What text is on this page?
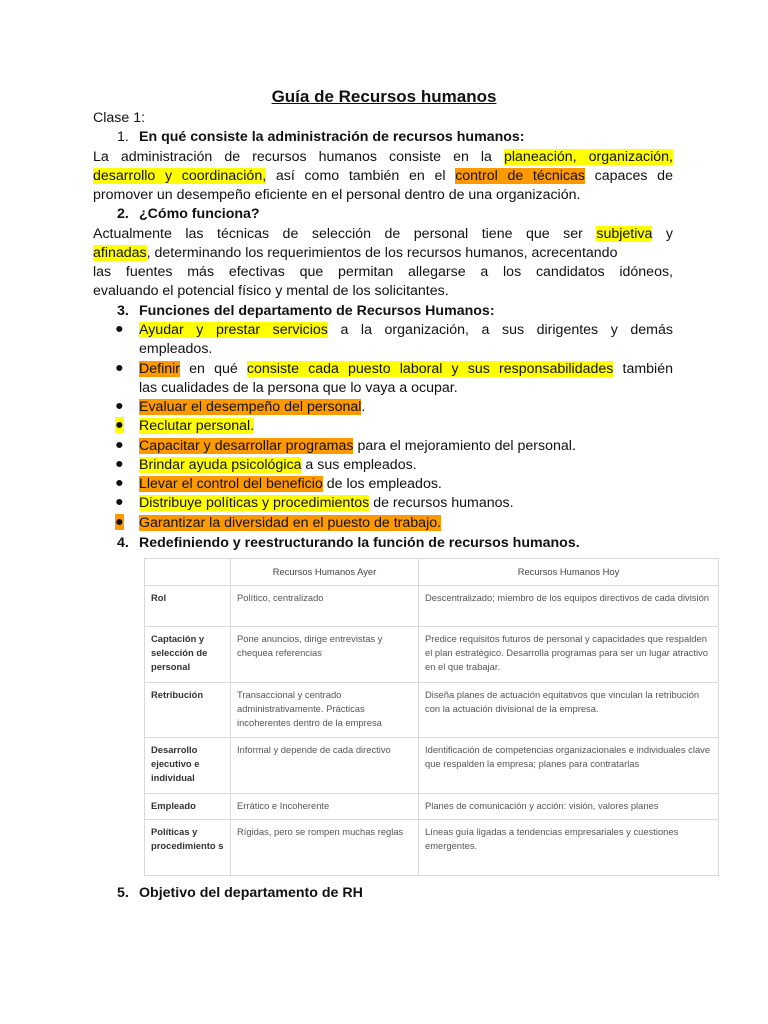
Guía de Recursos humanos
Clase 1:
1. En qué consiste la administración de recursos humanos:
La administración de recursos humanos consiste en la planeación, organización,
desarrollo y coordinación, así como también en el control de técnicas capaces de
promover un desempeño eficiente en el personal dentro de una organización.
2. ¿Cómo funciona?
Actualmente las técnicas de selección de personal tiene que ser subjetiva y
afinadas, determinando los requerimientos de los recursos humanos, acrecentando
las fuentes más efectivas que permitan allegarse a los candidatos idóneos,
evaluando el potencial físico y mental de los solicitantes.
3. Funciones del departamento de Recursos Humanos:
● Ayudar y prestar servicios a la organización, a sus dirigentes y demás
empleados.
● Definir en qué consiste cada puesto laboral y sus responsabilidades también
las cualidades de la persona que lo vaya a ocupar.
● Evaluar el desempeño del personal.
● Reclutar personal.
● Capacitar y desarrollar programas para el mejoramiento del personal.
● Brindar ayuda psicológica a sus empleados.
● Llevar el control del beneficio de los empleados.
● Distribuye políticas y procedimientos de recursos humanos.
● Garantizar la diversidad en el puesto de trabajo.
4. Redefiniendo y reestructurando la función de recursos humanos.
	Recursos Humanos Ayer	Recursos Humanos Hoy
Rol	Político, centralizado	Descentralizado; miembro de los equipos directivos de cada división
Captación y selección de personal	Pone anuncios, dirige entrevistas y chequea referencias	Predice requisitos futuros de personal y capacidades que respalden el plan estratégico. Desarrolla programas para ser un lugar atractivo en el que trabajar.
Retribución	Transaccional y centrado administrativamente. Prácticas incoherentes dentro de la empresa	Diseña planes de actuación equitativos que vinculan la retribución con la actuación divisional de la empresa.
Desarrollo ejecutivo e individual	Informal y depende de cada directivo	Identificación de competencias organizacionales e individuales clave que respalden la empresa; planes para contratarlas
Empleado	Errático e Incoherente	Planes de comunicación y acción: visión, valores planes
Políticas y procedimiento s	Rígidas, pero se rompen muchas reglas	Líneas guía ligadas a tendencias empresariales y cuestiones emergentes.
5. Objetivo del departamento de RH
